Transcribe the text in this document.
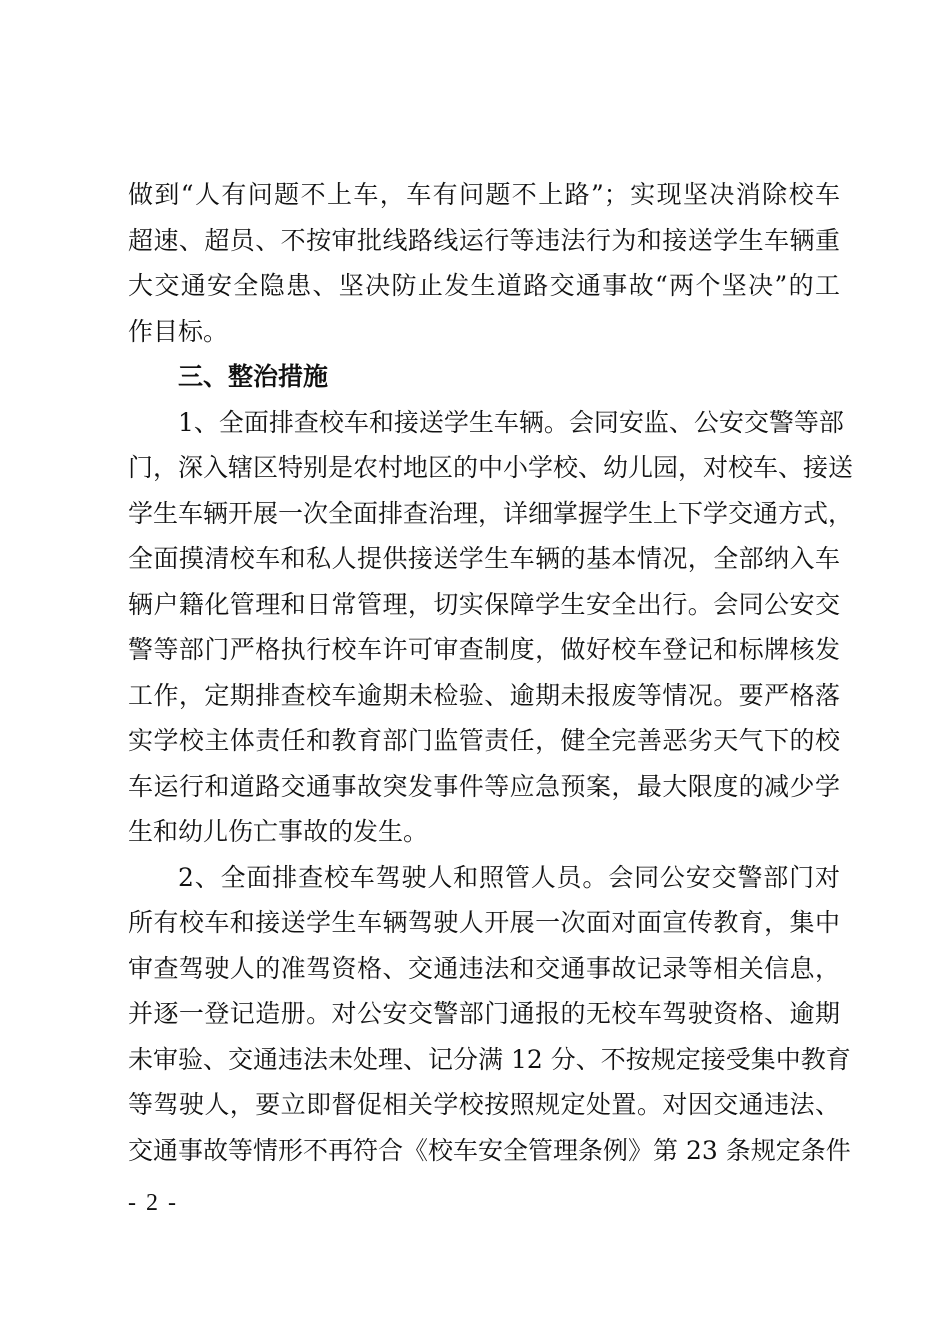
做到“人有问题不上车，车有问题不上路”；实现坚决消除校车
超速、超员、不按审批线路线运行等违法行为和接送学生车辆重
大交通安全隐患、坚决防止发生道路交通事故“两个坚决”的工
作目标。
三、整治措施
1、全面排查校车和接送学生车辆。会同安监、公安交警等部
门，深入辖区特别是农村地区的中小学校、幼儿园，对校车、接送
学生车辆开展一次全面排查治理，详细掌握学生上下学交通方式，
全面摸清校车和私人提供接送学生车辆的基本情况，全部纳入车
辆户籍化管理和日常管理，切实保障学生安全出行。会同公安交
警等部门严格执行校车许可审查制度，做好校车登记和标牌核发
工作，定期排查校车逾期未检验、逾期未报废等情况。要严格落
实学校主体责任和教育部门监管责任，健全完善恶劣天气下的校
车运行和道路交通事故突发事件等应急预案，最大限度的减少学
生和幼儿伤亡事故的发生。
2、全面排查校车驾驶人和照管人员。会同公安交警部门对
所有校车和接送学生车辆驾驶人开展一次面对面宣传教育，集中
审查驾驶人的准驾资格、交通违法和交通事故记录等相关信息，
并逐一登记造册。对公安交警部门通报的无校车驾驶资格、逾期
未审验、交通违法未处理、记分满 12 分、不按规定接受集中教育
等驾驶人，要立即督促相关学校按照规定处置。对因交通违法、
交通事故等情形不再符合《校车安全管理条例》第 23 条规定条件
- 2 -
